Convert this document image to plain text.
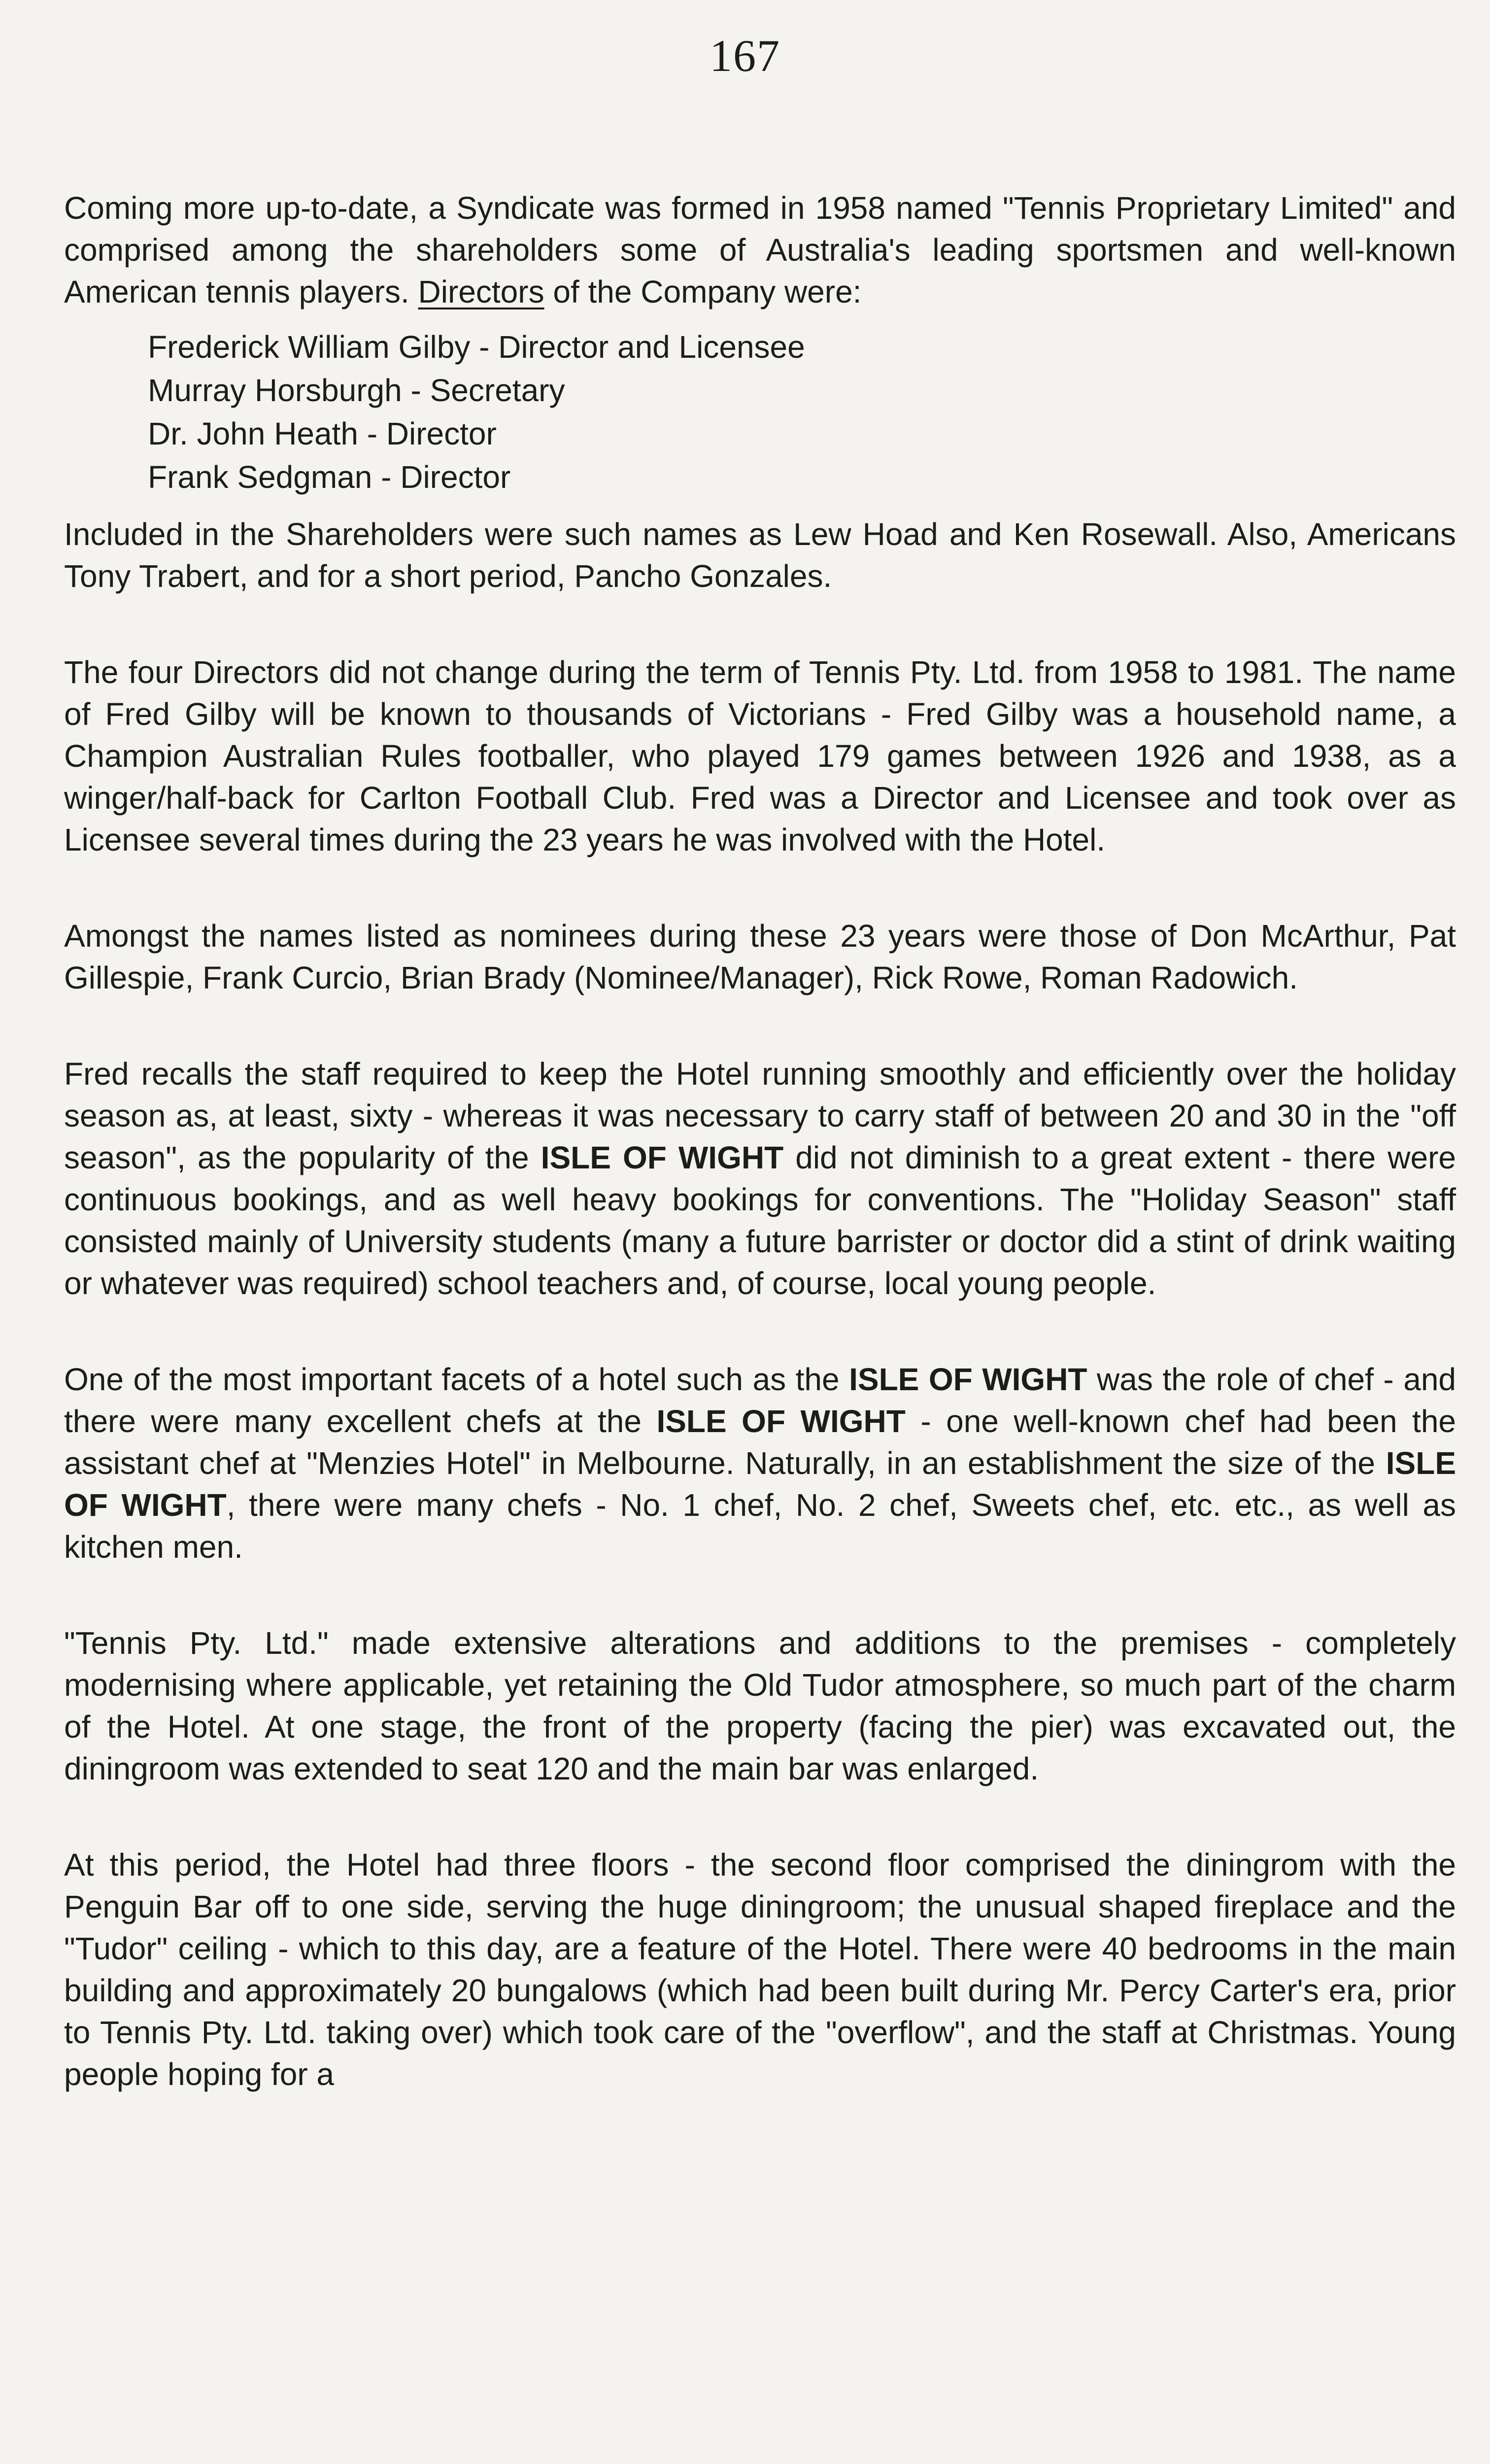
167

Coming more up-to-date, a Syndicate was formed in 1958 named "Tennis Proprietary Limited" and comprised among the shareholders some of Australia's leading sportsmen and well-known American tennis players. Directors of the Company were:

Frederick William Gilby - Director and Licensee
Murray Horsburgh - Secretary
Dr. John Heath - Director
Frank Sedgman - Director

Included in the Shareholders were such names as Lew Hoad and Ken Rosewall. Also, Americans Tony Trabert, and for a short period, Pancho Gonzales.

The four Directors did not change during the term of Tennis Pty. Ltd. from 1958 to 1981. The name of Fred Gilby will be known to thousands of Victorians - Fred Gilby was a household name, a Champion Australian Rules footballer, who played 179 games between 1926 and 1938, as a winger/half-back for Carlton Football Club. Fred was a Director and Licensee and took over as Licensee several times during the 23 years he was involved with the Hotel.

Amongst the names listed as nominees during these 23 years were those of Don McArthur, Pat Gillespie, Frank Curcio, Brian Brady (Nominee/Manager), Rick Rowe, Roman Radowich.

Fred recalls the staff required to keep the Hotel running smoothly and efficiently over the holiday season as, at least, sixty - whereas it was necessary to carry staff of between 20 and 30 in the "off season", as the popularity of the ISLE OF WIGHT did not diminish to a great extent - there were continuous bookings, and as well heavy bookings for conventions. The "Holiday Season" staff consisted mainly of University students (many a future barrister or doctor did a stint of drink waiting or whatever was required) school teachers and, of course, local young people.

One of the most important facets of a hotel such as the ISLE OF WIGHT was the role of chef - and there were many excellent chefs at the ISLE OF WIGHT - one well-known chef had been the assistant chef at "Menzies Hotel" in Melbourne. Naturally, in an establishment the size of the ISLE OF WIGHT, there were many chefs - No. 1 chef, No. 2 chef, Sweets chef, etc. etc., as well as kitchen men.

"Tennis Pty. Ltd." made extensive alterations and additions to the premises - completely modernising where applicable, yet retaining the Old Tudor atmosphere, so much part of the charm of the Hotel. At one stage, the front of the property (facing the pier) was excavated out, the diningroom was extended to seat 120 and the main bar was enlarged.

At this period, the Hotel had three floors - the second floor comprised the diningrom with the Penguin Bar off to one side, serving the huge diningroom; the unusual shaped fireplace and the "Tudor" ceiling - which to this day, are a feature of the Hotel. There were 40 bedrooms in the main building and approximately 20 bungalows (which had been built during Mr. Percy Carter's era, prior to Tennis Pty. Ltd. taking over) which took care of the "overflow", and the staff at Christmas. Young people hoping for a
